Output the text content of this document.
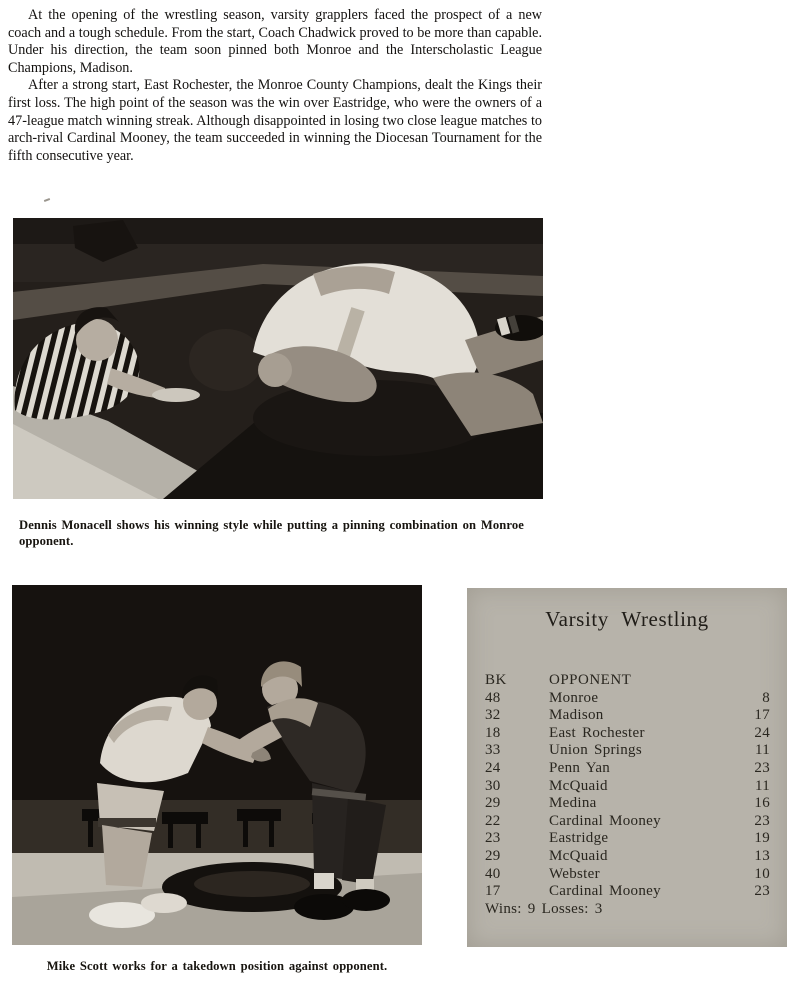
At the opening of the wrestling season, varsity grapplers faced the prospect of a new coach and a tough schedule. From the start, Coach Chadwick proved to be more than capable. Under his direction, the team soon pinned both Monroe and the Interscholastic League Champions, Madison.

After a strong start, East Rochester, the Monroe County Champions, dealt the Kings their first loss. The high point of the season was the win over Eastridge, who were the owners of a 47-league match winning streak. Although disappointed in losing two close league matches to arch-rival Cardinal Mooney, the team succeeded in winning the Diocesan Tournament for the fifth consecutive year.

Dennis Monacell shows his winning style while putting a pinning combination on Monroe opponent.
Mike Scott works for a takedown position against opponent.
Varsity Wrestling
BK	OPPONENT
48	Monroe	8
32	Madison	17
18	East Rochester	24
33	Union Springs	11
24	Penn Yan	23
30	McQuaid	11
29	Medina	16
22	Cardinal Mooney	23
23	Eastridge	19
29	McQuaid	13
40	Webster	10
17	Cardinal Mooney	23
Wins: 9 Losses: 3
